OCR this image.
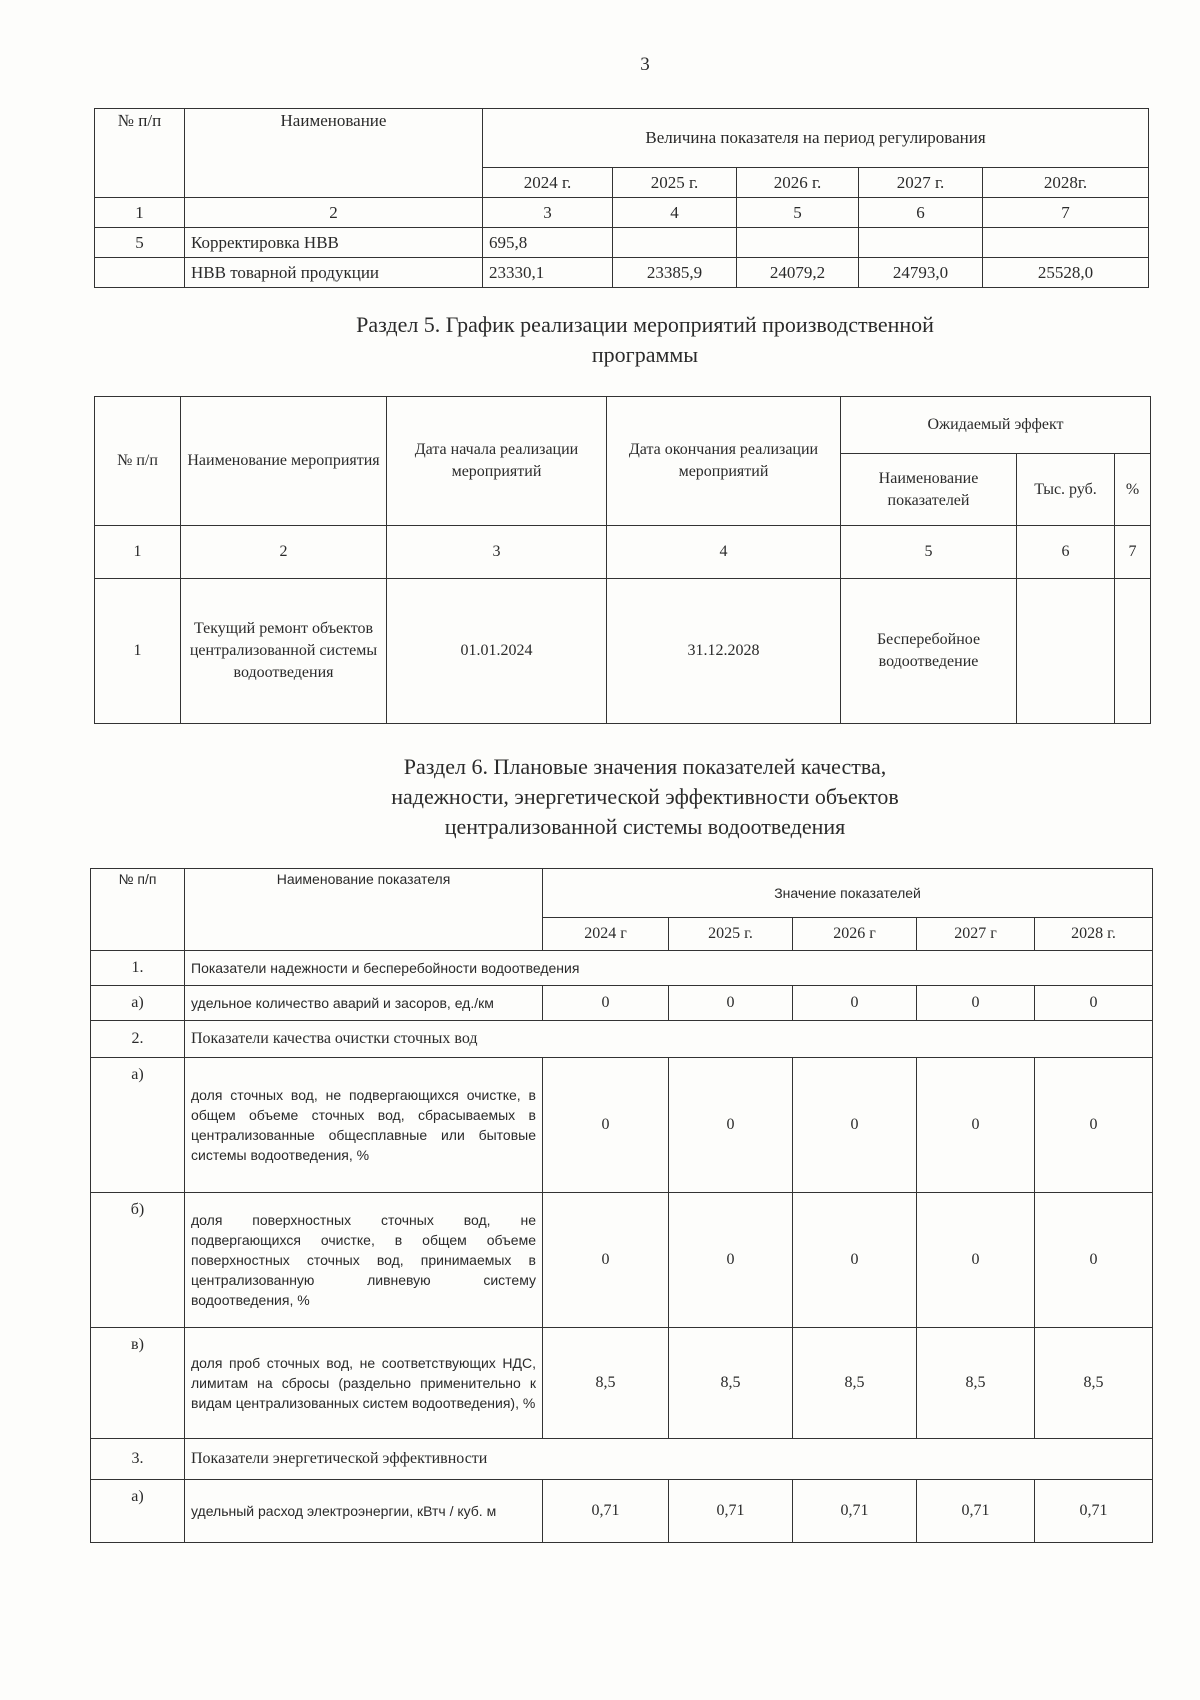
3
№ п/п	Наименование	Величина показателя на период регулирования				
		2024 г.	2025 г.	2026 г.	2027 г.	2028г.
1	2	3	4	5	6	7
5	Корректировка НВВ	695,8				
	НВВ товарной продукции	23330,1	23385,9	24079,2	24793,0	25528,0
Раздел 5. График реализации мероприятий производственной
программы
№ п/п	Наименование мероприятия	Дата начала реализации мероприятий	Дата окончания реализации мероприятий	Ожидаемый эффект		
				Наименование показателей	Тыс. руб.	%
1	2	3	4	5	6	7
1	Текущий ремонт объектов централизованной системы водоотведения	01.01.2024	31.12.2028	Бесперебойное водоотведение		
Раздел 6. Плановые значения показателей качества,
надежности, энергетической эффективности объектов
централизованной системы водоотведения
№ п/п	Наименование показателя	Значение показателей				
		2024 г	2025 г.	2026 г	2027 г	2028 г.
1.	Показатели надежности и бесперебойности водоотведения					
а)	удельное количество аварий и засоров, ед./км	0	0	0	0	0
2.	Показатели качества очистки сточных вод					
а)	доля сточных вод, не подвергающихся очистке, в общем объеме сточных вод, сбрасываемых в централизованные общесплавные или бытовые системы водоотведения, %	0	0	0	0	0
б)	доля поверхностных сточных вод, не подвергающихся очистке, в общем объеме поверхностных сточных вод, принимаемых в централизованную ливневую систему водоотведения, %	0	0	0	0	0
в)	доля проб сточных вод, не соответствующих НДС, лимитам на сбросы (раздельно применительно к видам централизованных систем водоотведения), %	8,5	8,5	8,5	8,5	8,5
3.	Показатели энергетической эффективности					
а)	удельный расход электроэнергии, кВтч / куб. м	0,71	0,71	0,71	0,71	0,71
